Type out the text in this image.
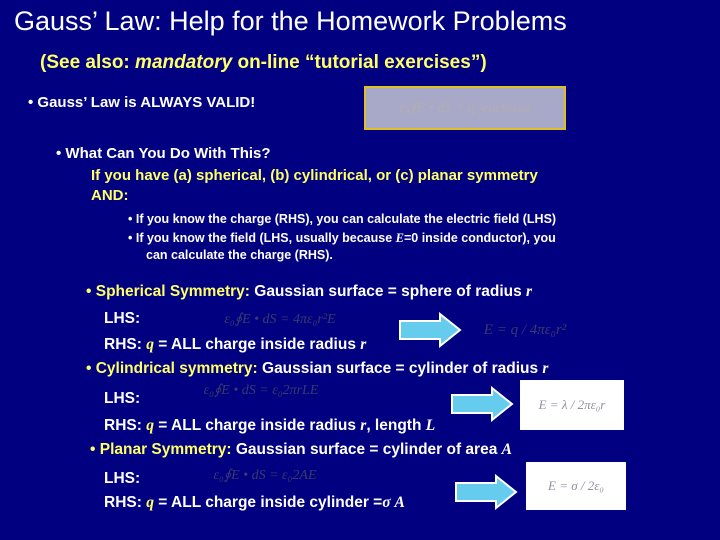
Gauss’ Law: Help for the Homework Problems
(See also: mandatory on-line “tutorial exercises”)
• Gauss’ Law is ALWAYS VALID!	ε₀∮E • dS = q_enclosed
• What Can You Do With This?
If you have (a) spherical, (b) cylindrical, or (c) planar symmetry
AND:
• If you know the charge (RHS), you can calculate the electric field (LHS)
• If you know the field (LHS, usually because E=0 inside conductor), you
can calculate the charge (RHS).
• Spherical Symmetry: Gaussian surface = sphere of radius r
LHS:	ε₀∮E • dS = 4πε₀r²E
RHS: q = ALL charge inside radius r
E = q / 4πε₀r²
• Cylindrical symmetry: Gaussian surface = cylinder of radius r
LHS:	ε₀∮E • dS = ε₀2πrLE
RHS: q = ALL charge inside radius r, length L
E = λ / 2πε₀r
• Planar Symmetry: Gaussian surface = cylinder of area A
LHS:	ε₀∮E • dS = ε₀2AE
RHS: q = ALL charge inside cylinder =σ A
E = σ / 2ε₀
